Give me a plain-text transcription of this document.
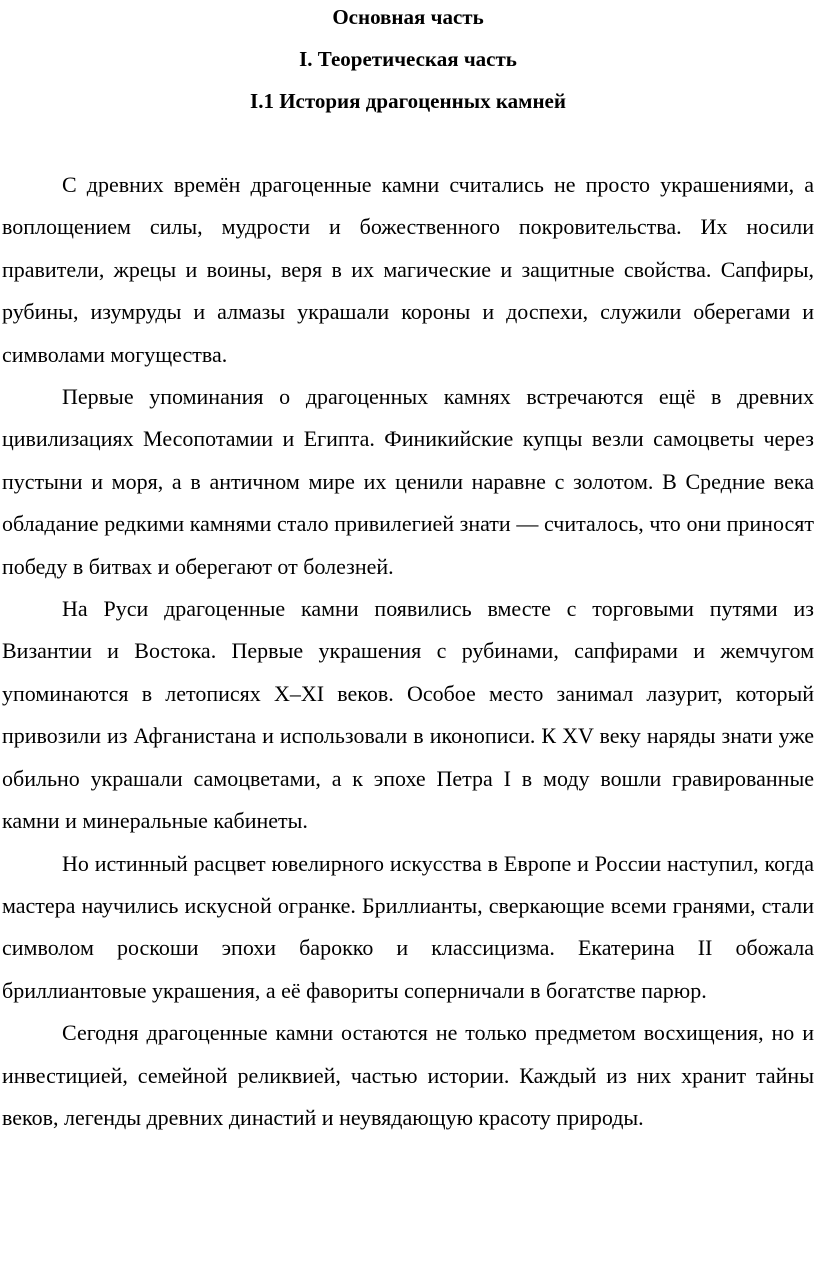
Основная часть
I. Теоретическая часть
I.1 История драгоценных камней

С древних времён драгоценные камни считались не просто украшениями, а воплощением силы, мудрости и божественного покровительства. Их носили правители, жрецы и воины, веря в их магические и защитные свойства. Сапфиры, рубины, изумруды и алмазы украшали короны и доспехи, служили оберегами и символами могущества.

Первые упоминания о драгоценных камнях встречаются ещё в древних цивилизациях Месопотамии и Египта. Финикийские купцы везли самоцветы через пустыни и моря, а в античном мире их ценили наравне с золотом. В Средние века обладание редкими камнями стало привилегией знати — считалось, что они приносят победу в битвах и оберегают от болезней.

На Руси драгоценные камни появились вместе с торговыми путями из Византии и Востока. Первые украшения с рубинами, сапфирами и жемчугом упоминаются в летописях X–XI веков. Особое место занимал лазурит, который привозили из Афганистана и использовали в иконописи. К XV веку наряды знати уже обильно украшали самоцветами, а к эпохе Петра I в моду вошли гравированные камни и минеральные кабинеты.

Но истинный расцвет ювелирного искусства в Европе и России наступил, когда мастера научились искусной огранке. Бриллианты, сверкающие всеми гранями, стали символом роскоши эпохи барокко и классицизма. Екатерина II обожала бриллиантовые украшения, а её фавориты соперничали в богатстве парюр.

Сегодня драгоценные камни остаются не только предметом восхищения, но и инвестицией, семейной реликвией, частью истории. Каждый из них хранит тайны веков, легенды древних династий и неувядающую красоту природы.
